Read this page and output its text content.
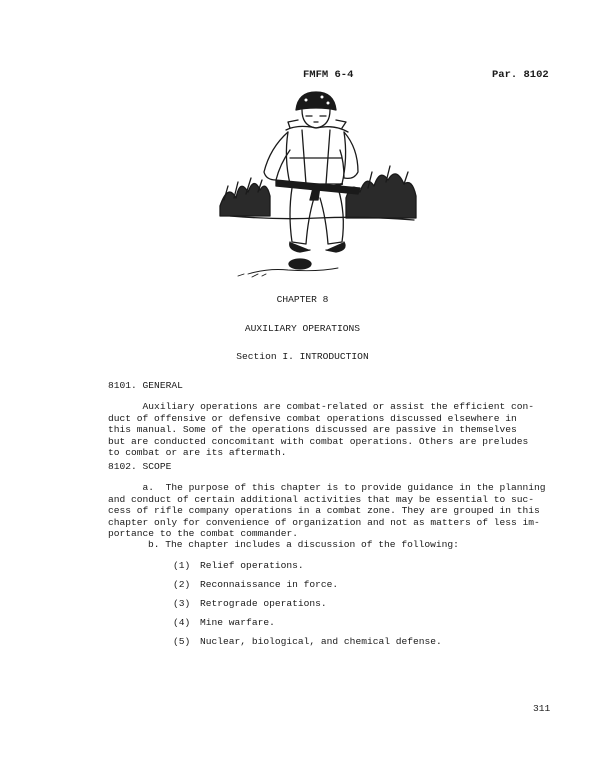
FMFM 6-4	Par. 8102
CHAPTER 8
AUXILIARY OPERATIONS
Section I. INTRODUCTION
8101. GENERAL
Auxiliary operations are combat-related or assist the efficient con-
duct of offensive or defensive combat operations discussed elsewhere in
this manual. Some of the operations discussed are passive in themselves
but are conducted concomitant with combat operations. Others are preludes
to combat or are its aftermath.
8102. SCOPE
a.  The purpose of this chapter is to provide guidance in the planning
and conduct of certain additional activities that may be essential to suc-
cess of rifle company operations in a combat zone. They are grouped in this
chapter only for convenience of organization and not as matters of less im-
portance to the combat commander.
b. The chapter includes a discussion of the following:
(1) Relief operations.
(2) Reconnaissance in force.
(3) Retrograde operations.
(4) Mine warfare.
(5) Nuclear, biological, and chemical defense.
311
